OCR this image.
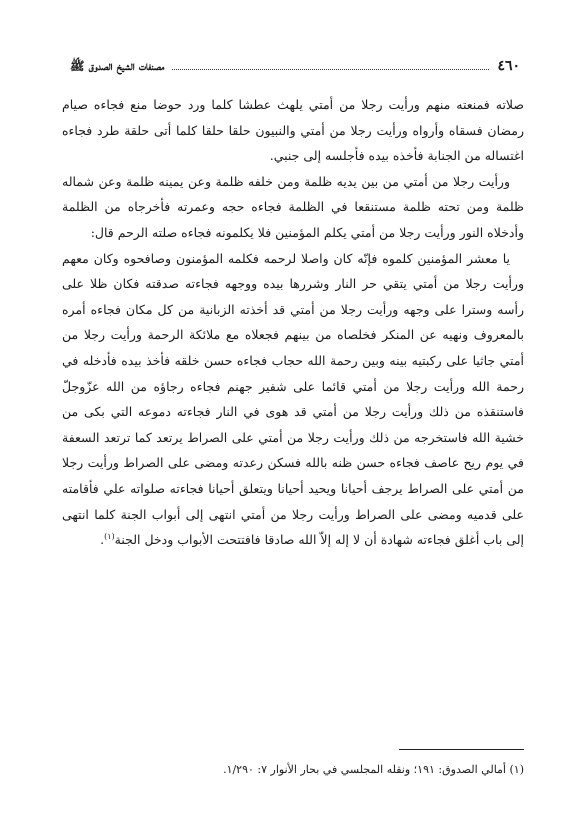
٤٦٠
مصنفات الشيخ الصدوق ﷺ

صلاته فمنعته منهم ورأيت رجلا من أمتي يلهث عطشا كلما ورد حوضا منع فجاءه صيام رمضان فسقاه وأرواه ورأيت رجلا من أمتي والنبيون حلقا حلقا كلما أتى حلقة طرد فجاءه اغتساله من الجنابة فأخذه بيده فأجلسه إلى جنبي.

ورأيت رجلا من أمتي من بين يديه ظلمة ومن خلفه ظلمة وعن يمينه ظلمة وعن شماله ظلمة ومن تحته ظلمة مستنقعا في الظلمة فجاءه حجه وعمرته فأخرجاه من الظلمة وأدخلاه النور ورأيت رجلا من أمتي يكلم المؤمنين فلا يكلمونه فجاءه صلته الرحم قال:

يا معشر المؤمنين كلموه فإنّه كان واصلا لرحمه فكلمه المؤمنون وصافحوه وكان معهم ورأيت رجلا من أمتي يتقي حر النار وشررها بيده ووجهه فجاءته صدقته فكان ظلا على رأسه وسترا على وجهه ورأيت رجلا من أمتي قد أخذته الزبانية من كل مكان فجاءه أمره بالمعروف ونهيه عن المنكر فخلصاه من بينهم فجعلاه مع ملائكة الرحمة ورأيت رجلا من أمتي جاثيا على ركبتيه بينه وبين رحمة الله حجاب فجاءه حسن خلقه فأخذ بيده فأدخله في رحمة الله ورأيت رجلا من أمتي قائما على شفير جهنم فجاءه رجاؤه من الله عزّوجلّ فاستنقذه من ذلك ورأيت رجلا من أمتي قد هوى في النار فجاءته دموعه التي بكى من خشية الله فاستخرجه من ذلك ورأيت رجلا من أمتي على الصراط يرتعد كما ترتعد السعفة في يوم ريح عاصف فجاءه حسن ظنه بالله فسكن رعدته ومضى على الصراط ورأيت رجلا من أمتي على الصراط يرجف أحيانا ويحيد أحيانا ويتعلق أحيانا فجاءته صلواته علي فأقامته على قدميه ومضى على الصراط ورأيت رجلا من أمتي انتهى إلى أبواب الجنة كلما انتهى إلى باب أغلق فجاءته شهادة أن لا إله إلاّ الله صادقا فافتتحت الأبواب ودخل الجنة$^{(١)}$.

(١) أمالي الصدوق: ١٩١؛ ونقله المجلسي في بحار الأنوار ٧: ١/٢٩٠.
